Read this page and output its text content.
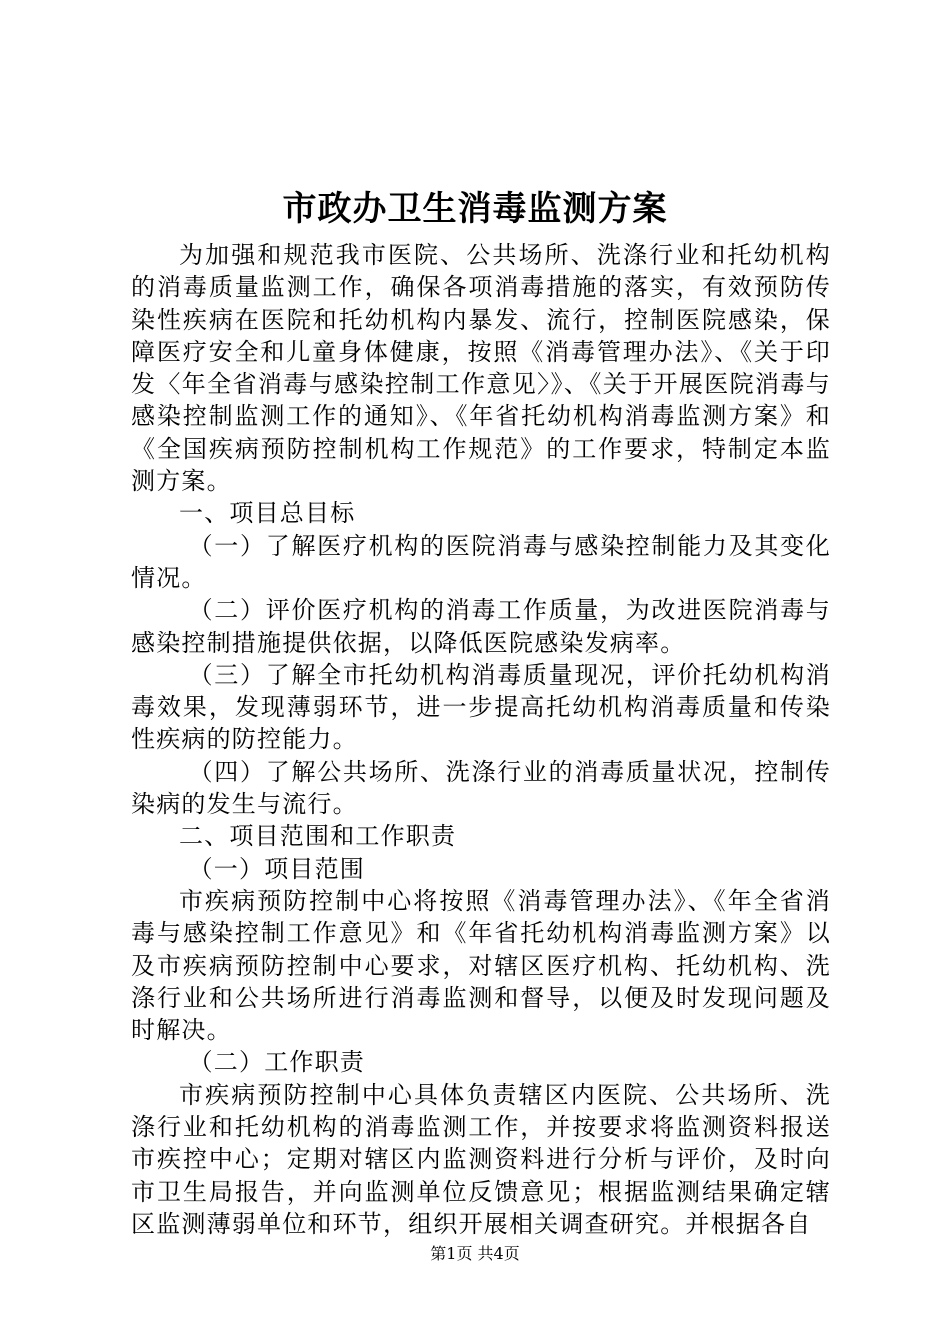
市政办卫生消毒监测方案

为加强和规范我市医院、公共场所、洗涤行业和托幼机构的消毒质量监测工作，确保各项消毒措施的落实，有效预防传染性疾病在医院和托幼机构内暴发、流行，控制医院感染，保障医疗安全和儿童身体健康，按照《消毒管理办法》、《关于印发〈年全省消毒与感染控制工作意见〉》、《关于开展医院消毒与感染控制监测工作的通知》、《年省托幼机构消毒监测方案》和《全国疾病预防控制机构工作规范》的工作要求，特制定本监测方案。

一、项目总目标

（一）了解医疗机构的医院消毒与感染控制能力及其变化情况。

（二）评价医疗机构的消毒工作质量，为改进医院消毒与感染控制措施提供依据，以降低医院感染发病率。

（三）了解全市托幼机构消毒质量现况，评价托幼机构消毒效果，发现薄弱环节，进一步提高托幼机构消毒质量和传染性疾病的防控能力。

（四）了解公共场所、洗涤行业的消毒质量状况，控制传染病的发生与流行。

二、项目范围和工作职责

（一）项目范围

市疾病预防控制中心将按照《消毒管理办法》、《年全省消毒与感染控制工作意见》和《年省托幼机构消毒监测方案》以及市疾病预防控制中心要求，对辖区医疗机构、托幼机构、洗涤行业和公共场所进行消毒监测和督导，以便及时发现问题及时解决。

（二）工作职责

市疾病预防控制中心具体负责辖区内医院、公共场所、洗涤行业和托幼机构的消毒监测工作，并按要求将监测资料报送市疾控中心；定期对辖区内监测资料进行分析与评价，及时向市卫生局报告，并向监测单位反馈意见；根据监测结果确定辖区监测薄弱单位和环节，组织开展相关调查研究。并根据各自

第1页 共4页
